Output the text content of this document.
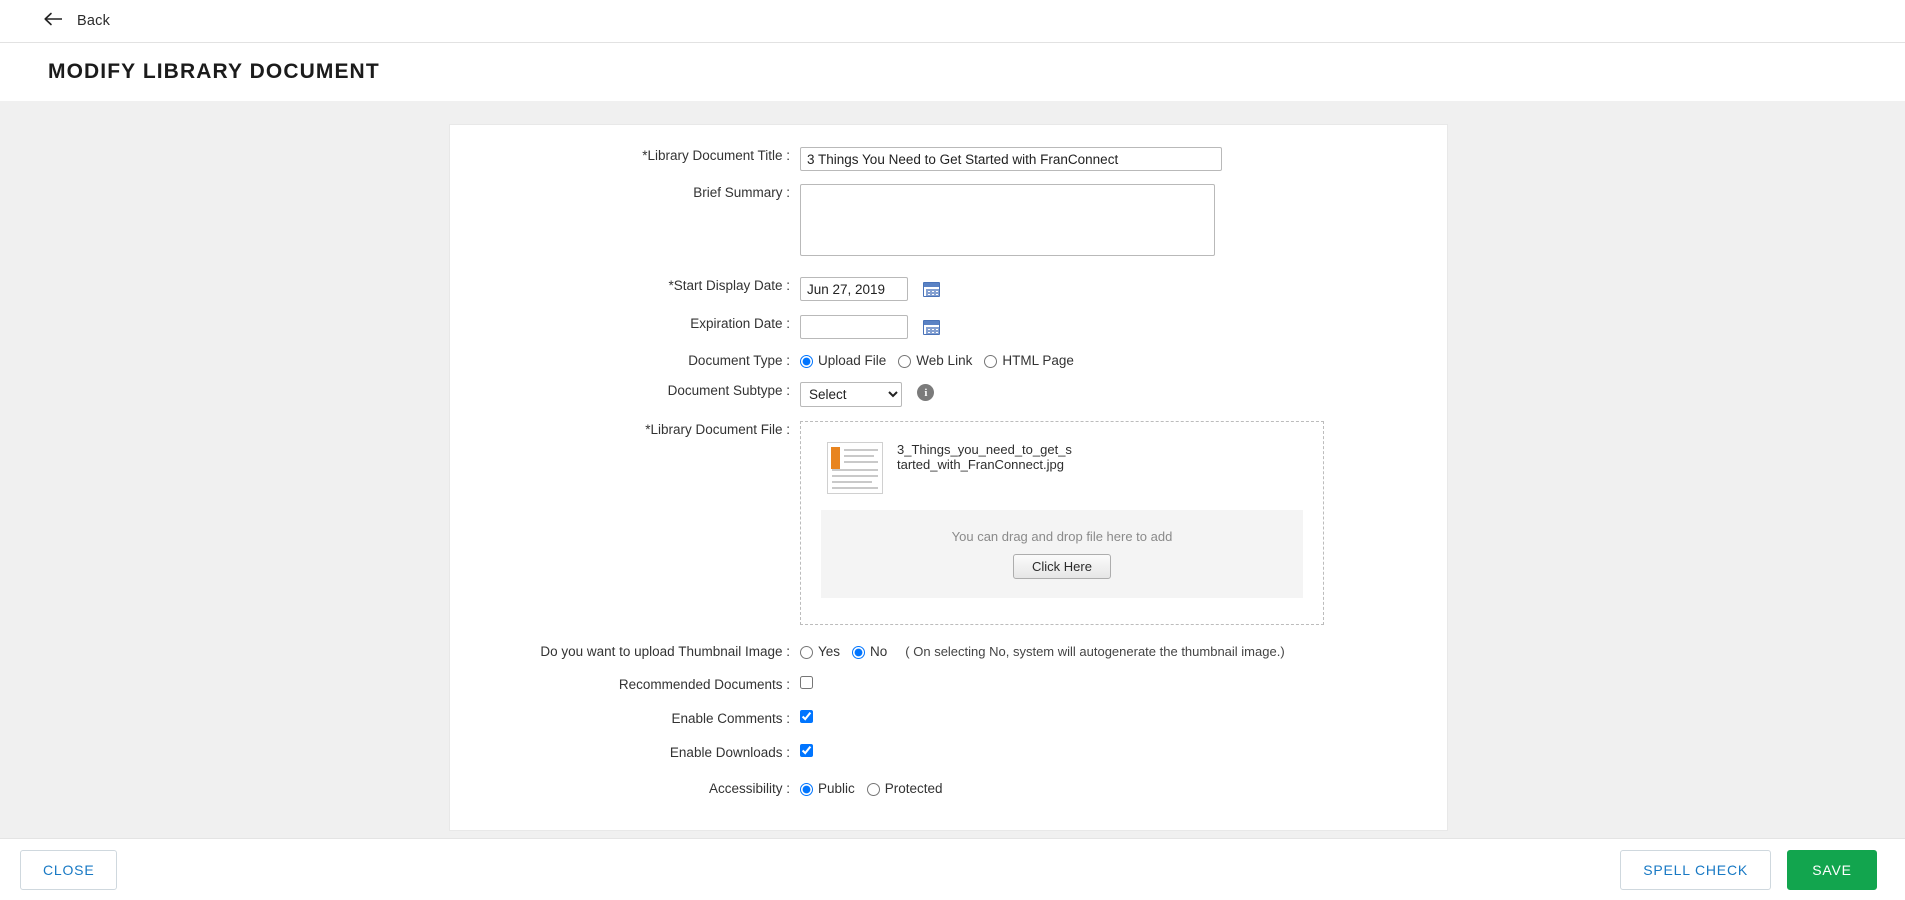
Back
MODIFY LIBRARY DOCUMENT
*Library Document Title :
3 Things You Need to Get Started with FranConnect
Brief Summary :
*Start Display Date :
Jun 27, 2019
Expiration Date :

Document Type :	Upload File Web Link HTML Page
Document Subtype :
Select	i
*Library Document File :
3_Things_you_need_to_get_started_with_FranConnect.jpg
You can drag and drop file here to add
Click Here
Do you want to upload Thumbnail Image :	Yes No ( On selecting No, system will autogenerate the thumbnail image.)
Recommended Documents :
Enable Comments :
Enable Downloads :
Accessibility :	Public Protected
CLOSE	SPELL CHECK	SAVE
